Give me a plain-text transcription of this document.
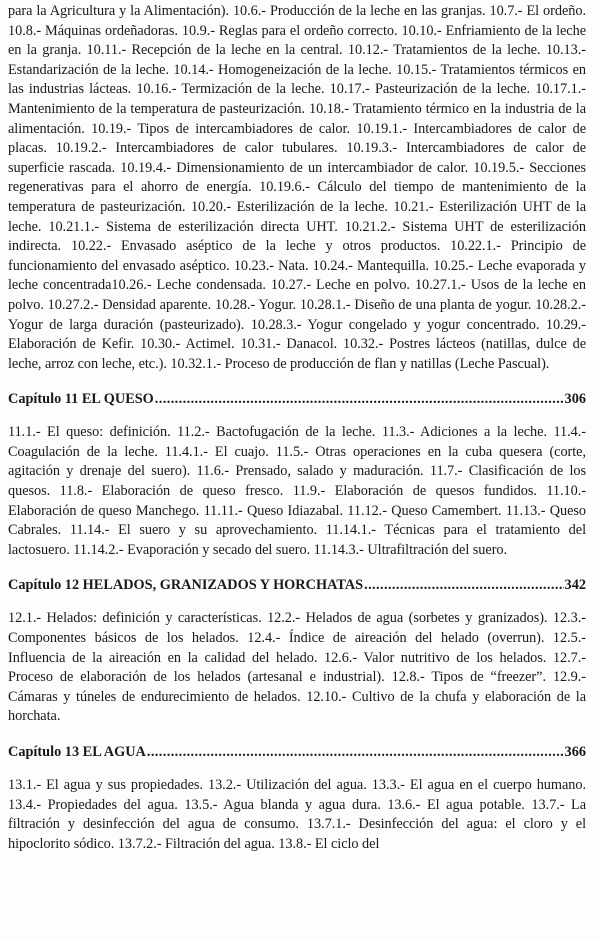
para la Agricultura y la Alimentación). 10.6.- Producción de la leche en las granjas. 10.7.- El ordeño. 10.8.- Máquinas ordeñadoras. 10.9.- Reglas para el ordeño correcto. 10.10.- Enfriamiento de la leche en la granja. 10.11.- Recepción de la leche en la central. 10.12.- Tratamientos de la leche. 10.13.- Estandarización de la leche. 10.14.- Homogeneización de la leche. 10.15.- Tratamientos térmicos en las industrias lácteas. 10.16.- Termización de la leche. 10.17.- Pasteurización de la leche. 10.17.1.- Mantenimiento de la temperatura de pasteurización. 10.18.- Tratamiento térmico en la industria de la alimentación. 10.19.- Tipos de intercambiadores de calor. 10.19.1.- Intercambiadores de calor de placas. 10.19.2.- Intercambiadores de calor tubulares. 10.19.3.- Intercambiadores de calor de superficie rascada. 10.19.4.- Dimensionamiento de un intercambiador de calor. 10.19.5.- Secciones regenerativas para el ahorro de energía. 10.19.6.- Cálculo del tiempo de mantenimiento de la temperatura de pasteurización. 10.20.- Esterilización de la leche. 10.21.- Esterilización UHT de la leche. 10.21.1.- Sistema de esterilización directa UHT. 10.21.2.- Sistema UHT de esterilización indirecta. 10.22.- Envasado aséptico de la leche y otros productos. 10.22.1.- Principio de funcionamiento del envasado aséptico. 10.23.- Nata. 10.24.- Mantequilla. 10.25.- Leche evaporada y leche concentrada10.26.- Leche condensada. 10.27.- Leche en polvo. 10.27.1.- Usos de la leche en polvo. 10.27.2.- Densidad aparente. 10.28.- Yogur. 10.28.1.- Diseño de una planta de yogur. 10.28.2.- Yogur de larga duración (pasteurizado). 10.28.3.- Yogur congelado y yogur concentrado. 10.29.- Elaboración de Kefir. 10.30.- Actimel. 10.31.- Danacol. 10.32.- Postres lácteos (natillas, dulce de leche, arroz con leche, etc.). 10.32.1.- Proceso de producción de flan y natillas (Leche Pascual).

Capítulo 11 EL QUESO .....	306

11.1.- El queso: definición. 11.2.- Bactofugación de la leche. 11.3.- Adiciones a la leche. 11.4.- Coagulación de la leche. 11.4.1.- El cuajo. 11.5.- Otras operaciones en la cuba quesera (corte, agitación y drenaje del suero). 11.6.- Prensado, salado y maduración. 11.7.- Clasificación de los quesos. 11.8.- Elaboración de queso fresco. 11.9.- Elaboración de quesos fundidos. 11.10.- Elaboración de queso Manchego. 11.11.- Queso Idiazabal. 11.12.- Queso Camembert. 11.13.- Queso Cabrales. 11.14.- El suero y su aprovechamiento. 11.14.1.- Técnicas para el tratamiento del lactosuero. 11.14.2.- Evaporación y secado del suero. 11.14.3.- Ultrafiltración del suero.

Capítulo 12 HELADOS, GRANIZADOS Y HORCHATAS .....	342

12.1.- Helados: definición y características. 12.2.- Helados de agua (sorbetes y granizados). 12.3.- Componentes básicos de los helados. 12.4.- Índice de aireación del helado (overrun). 12.5.- Influencia de la aireación en la calidad del helado. 12.6.- Valor nutritivo de los helados. 12.7.- Proceso de elaboración de los helados (artesanal e industrial). 12.8.- Tipos de “freezer”. 12.9.- Cámaras y túneles de endurecimiento de helados. 12.10.- Cultivo de la chufa y elaboración de la horchata.

Capítulo 13 EL AGUA .....	366

13.1.- El agua y sus propiedades. 13.2.- Utilización del agua. 13.3.- El agua en el cuerpo humano. 13.4.- Propiedades del agua. 13.5.- Agua blanda y agua dura. 13.6.- El agua potable. 13.7.- La filtración y desinfección del agua de consumo. 13.7.1.- Desinfección del agua: el cloro y el hipoclorito sódico. 13.7.2.- Filtración del agua. 13.8.- El ciclo del
